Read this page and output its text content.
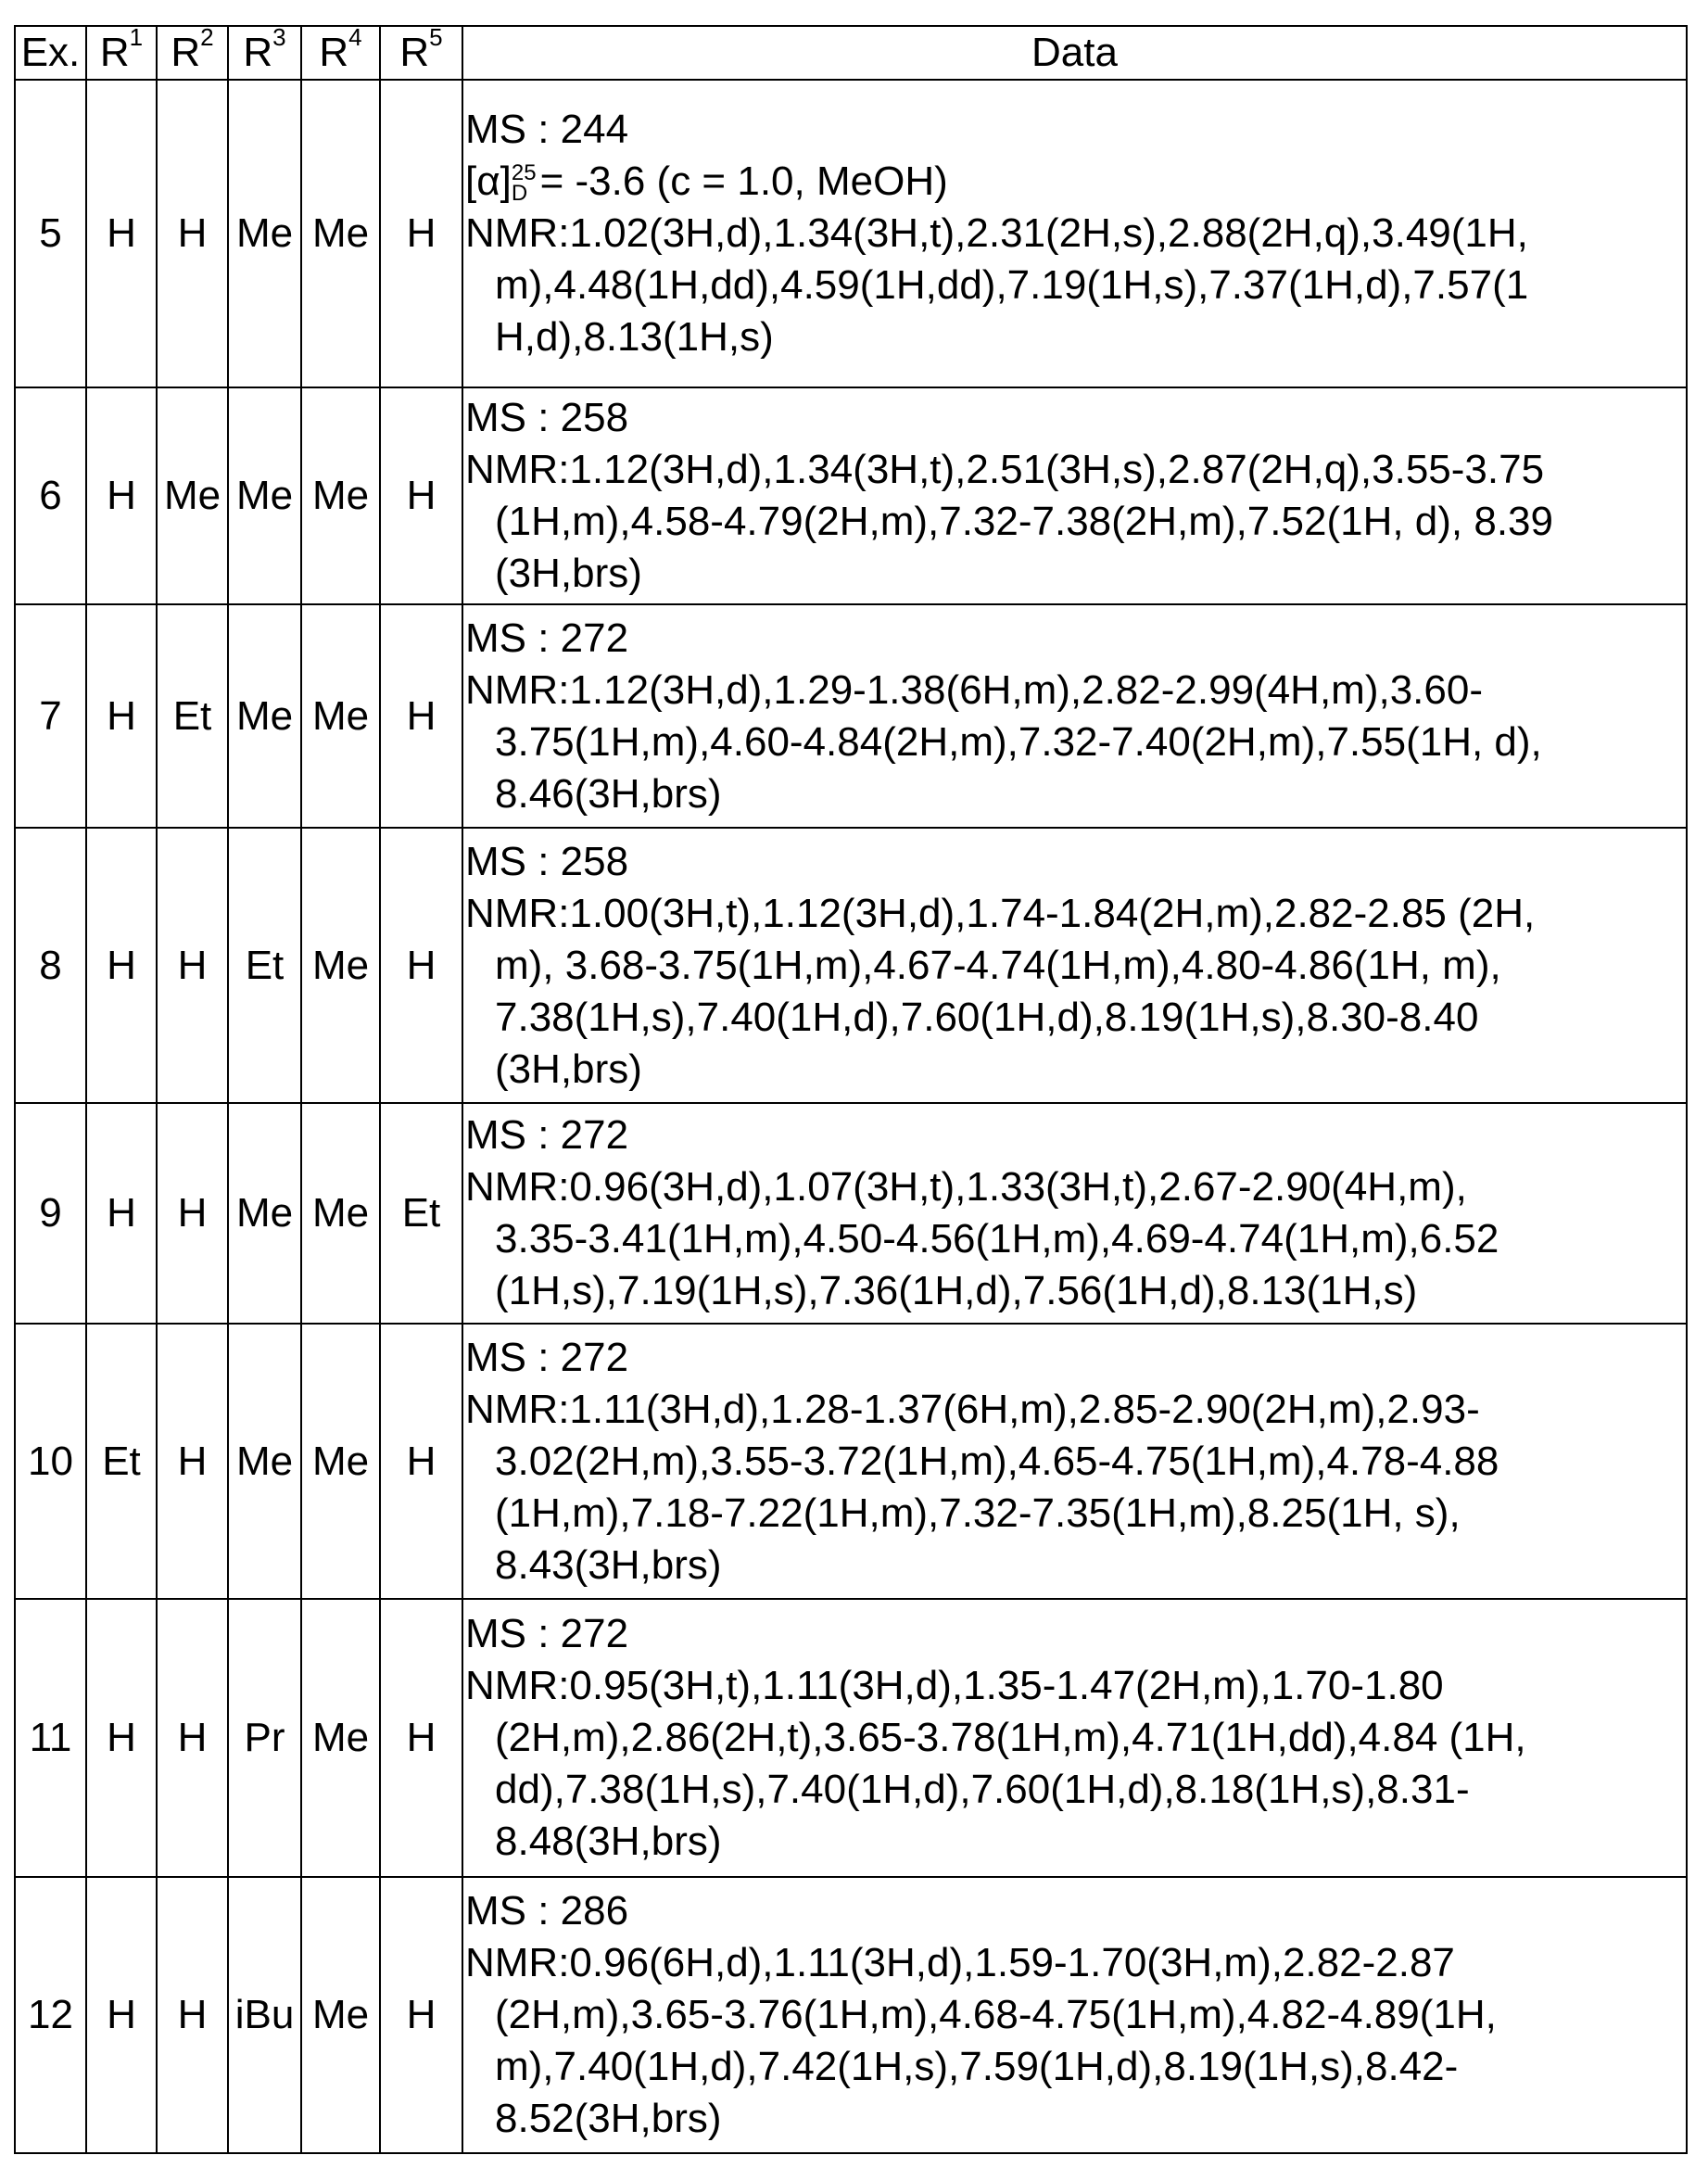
Ex.	R1	R2	R3	R4	R5	Data
5	H	H	Me	Me	H	
MS : 244
[α] 25
D = -3.6 (c = 1.0, MeOH)
NMR:1.02(3H,d),1.34(3H,t),2.31(2H,s),2.88(2H,q),3.49(1H,
m),4.48(1H,dd),4.59(1H,dd),7.19(1H,s),7.37(1H,d),7.57(1
H,d),8.13(1H,s)

6	H	Me	Me	Me	H	
MS : 258
NMR:1.12(3H,d),1.34(3H,t),2.51(3H,s),2.87(2H,q),3.55-3.75
(1H,m),4.58-4.79(2H,m),7.32-7.38(2H,m),7.52(1H, d), 8.39
(3H,brs)

7	H	Et	Me	Me	H	
MS : 272
NMR:1.12(3H,d),1.29-1.38(6H,m),2.82-2.99(4H,m),3.60-
3.75(1H,m),4.60-4.84(2H,m),7.32-7.40(2H,m),7.55(1H, d),
8.46(3H,brs)

8	H	H	Et	Me	H	
MS : 258
NMR:1.00(3H,t),1.12(3H,d),1.74-1.84(2H,m),2.82-2.85 (2H,
m), 3.68-3.75(1H,m),4.67-4.74(1H,m),4.80-4.86(1H, m),
7.38(1H,s),7.40(1H,d),7.60(1H,d),8.19(1H,s),8.30-8.40
(3H,brs)

9	H	H	Me	Me	Et	
MS : 272
NMR:0.96(3H,d),1.07(3H,t),1.33(3H,t),2.67-2.90(4H,m),
3.35-3.41(1H,m),4.50-4.56(1H,m),4.69-4.74(1H,m),6.52
(1H,s),7.19(1H,s),7.36(1H,d),7.56(1H,d),8.13(1H,s)

10	Et	H	Me	Me	H	
MS : 272
NMR:1.11(3H,d),1.28-1.37(6H,m),2.85-2.90(2H,m),2.93-
3.02(2H,m),3.55-3.72(1H,m),4.65-4.75(1H,m),4.78-4.88
(1H,m),7.18-7.22(1H,m),7.32-7.35(1H,m),8.25(1H, s),
8.43(3H,brs)

11	H	H	Pr	Me	H	
MS : 272
NMR:0.95(3H,t),1.11(3H,d),1.35-1.47(2H,m),1.70-1.80
(2H,m),2.86(2H,t),3.65-3.78(1H,m),4.71(1H,dd),4.84 (1H,
dd),7.38(1H,s),7.40(1H,d),7.60(1H,d),8.18(1H,s),8.31-
8.48(3H,brs)

12	H	H	iBu	Me	H	
MS : 286
NMR:0.96(6H,d),1.11(3H,d),1.59-1.70(3H,m),2.82-2.87
(2H,m),3.65-3.76(1H,m),4.68-4.75(1H,m),4.82-4.89(1H,
m),7.40(1H,d),7.42(1H,s),7.59(1H,d),8.19(1H,s),8.42-
8.52(3H,brs)
